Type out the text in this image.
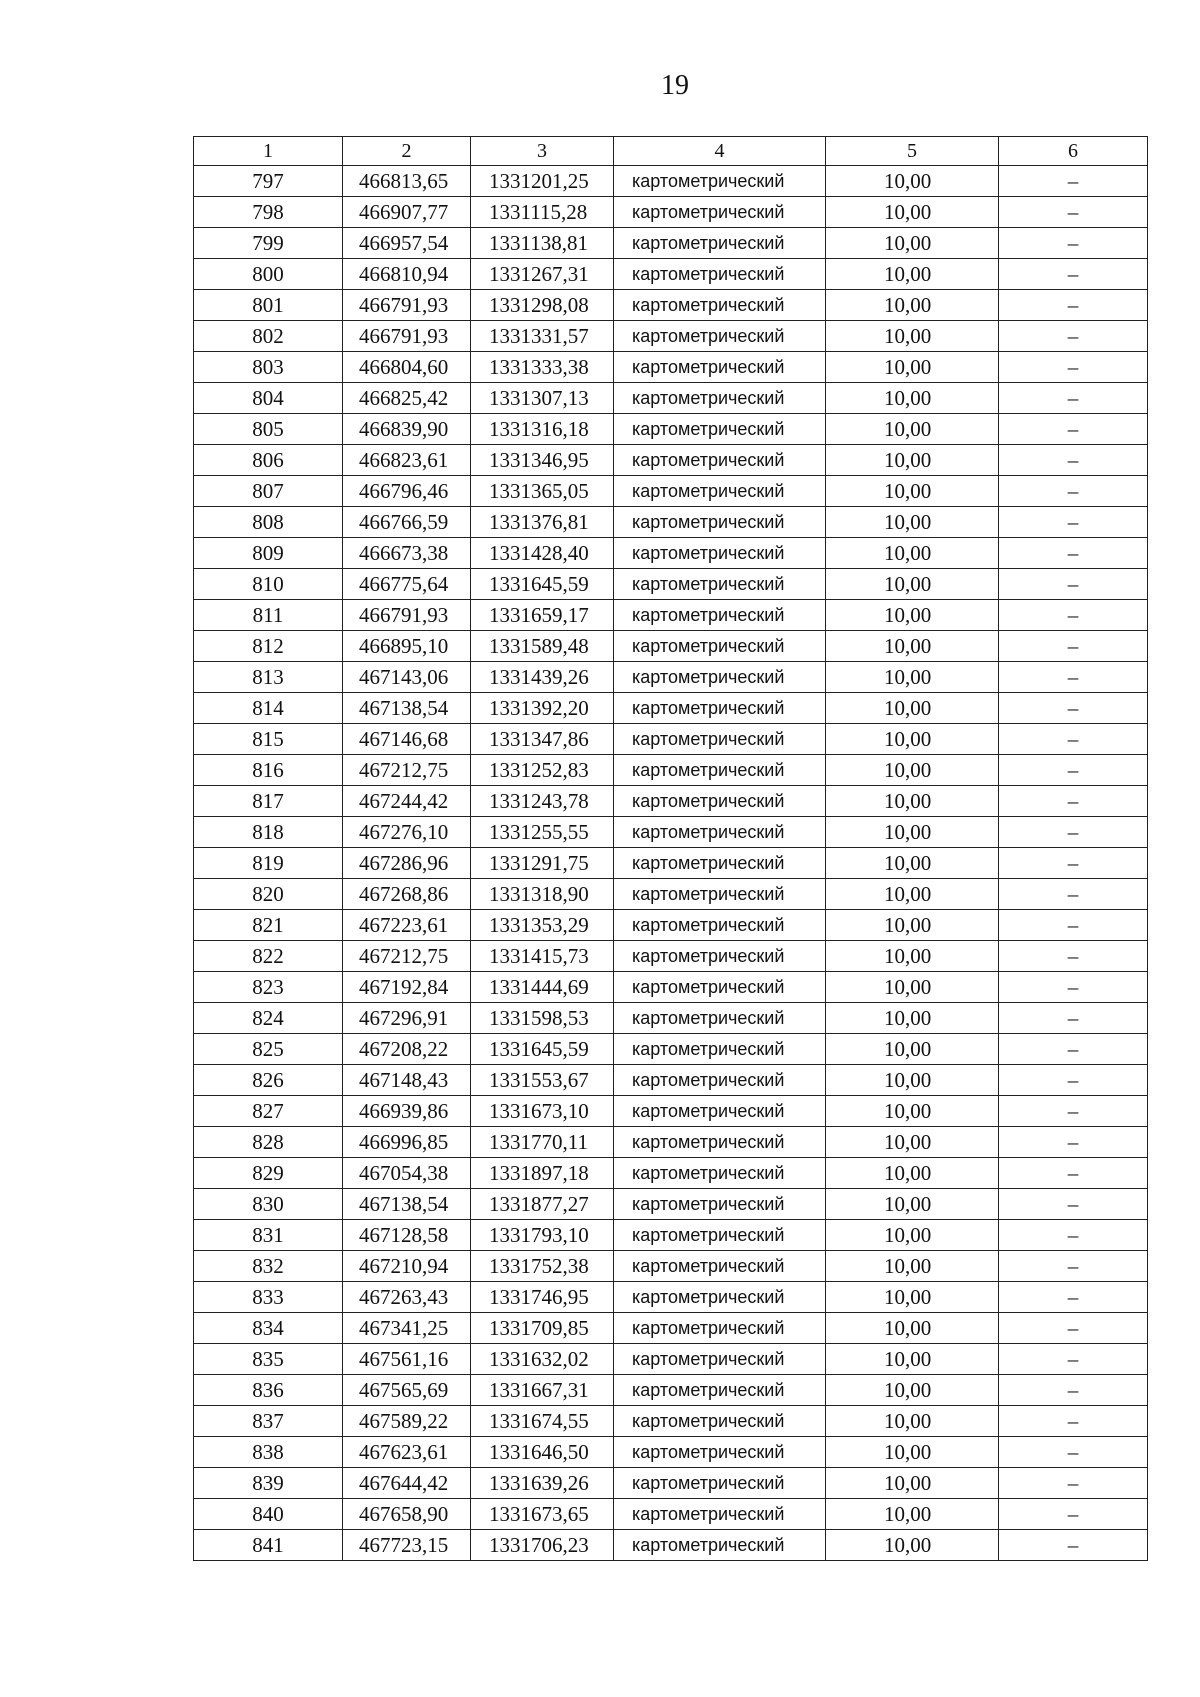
19
1	2	3	4	5	6
797	466813,65	1331201,25	картометрический	10,00	–
798	466907,77	1331115,28	картометрический	10,00	–
799	466957,54	1331138,81	картометрический	10,00	–
800	466810,94	1331267,31	картометрический	10,00	–
801	466791,93	1331298,08	картометрический	10,00	–
802	466791,93	1331331,57	картометрический	10,00	–
803	466804,60	1331333,38	картометрический	10,00	–
804	466825,42	1331307,13	картометрический	10,00	–
805	466839,90	1331316,18	картометрический	10,00	–
806	466823,61	1331346,95	картометрический	10,00	–
807	466796,46	1331365,05	картометрический	10,00	–
808	466766,59	1331376,81	картометрический	10,00	–
809	466673,38	1331428,40	картометрический	10,00	–
810	466775,64	1331645,59	картометрический	10,00	–
811	466791,93	1331659,17	картометрический	10,00	–
812	466895,10	1331589,48	картометрический	10,00	–
813	467143,06	1331439,26	картометрический	10,00	–
814	467138,54	1331392,20	картометрический	10,00	–
815	467146,68	1331347,86	картометрический	10,00	–
816	467212,75	1331252,83	картометрический	10,00	–
817	467244,42	1331243,78	картометрический	10,00	–
818	467276,10	1331255,55	картометрический	10,00	–
819	467286,96	1331291,75	картометрический	10,00	–
820	467268,86	1331318,90	картометрический	10,00	–
821	467223,61	1331353,29	картометрический	10,00	–
822	467212,75	1331415,73	картометрический	10,00	–
823	467192,84	1331444,69	картометрический	10,00	–
824	467296,91	1331598,53	картометрический	10,00	–
825	467208,22	1331645,59	картометрический	10,00	–
826	467148,43	1331553,67	картометрический	10,00	–
827	466939,86	1331673,10	картометрический	10,00	–
828	466996,85	1331770,11	картометрический	10,00	–
829	467054,38	1331897,18	картометрический	10,00	–
830	467138,54	1331877,27	картометрический	10,00	–
831	467128,58	1331793,10	картометрический	10,00	–
832	467210,94	1331752,38	картометрический	10,00	–
833	467263,43	1331746,95	картометрический	10,00	–
834	467341,25	1331709,85	картометрический	10,00	–
835	467561,16	1331632,02	картометрический	10,00	–
836	467565,69	1331667,31	картометрический	10,00	–
837	467589,22	1331674,55	картометрический	10,00	–
838	467623,61	1331646,50	картометрический	10,00	–
839	467644,42	1331639,26	картометрический	10,00	–
840	467658,90	1331673,65	картометрический	10,00	–
841	467723,15	1331706,23	картометрический	10,00	–
